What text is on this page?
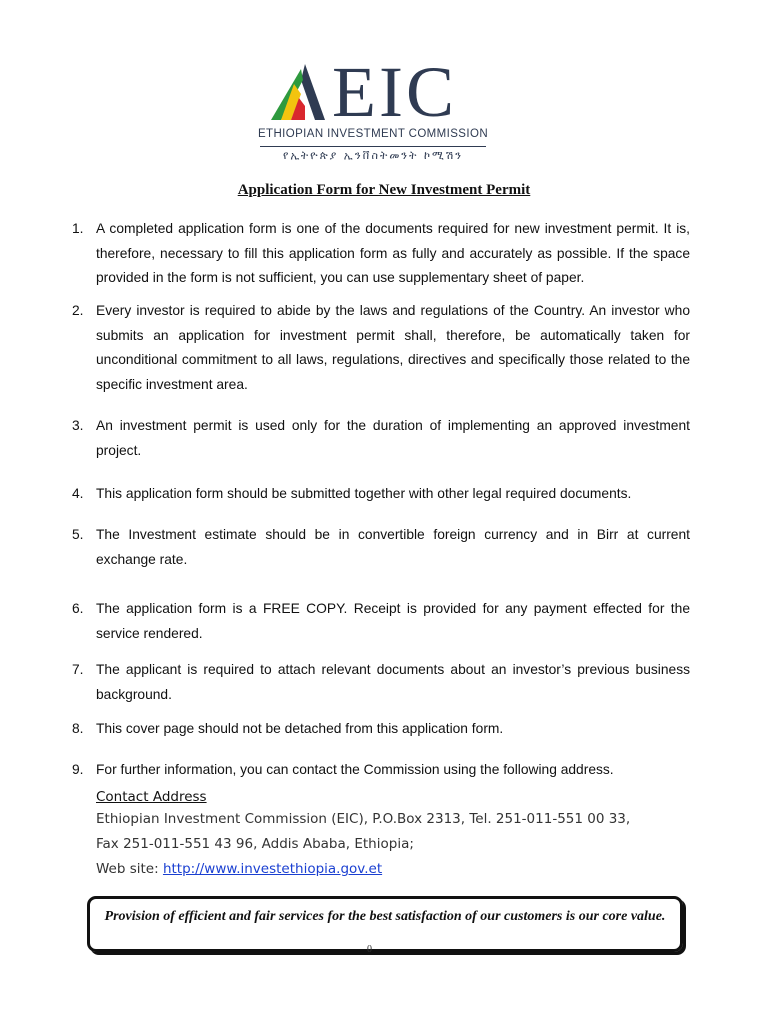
EIC
ETHIOPIAN INVESTMENT COMMISSION
የኢትዮጵያ ኢንቨስትመንት ኮሚሽን
Application Form for New Investment Permit
1. A completed application form is one of the documents required for new investment permit. It is, therefore, necessary to fill this application form as fully and accurately as possible. If the space provided in the form is not sufficient, you can use supplementary sheet of paper.
2. Every investor is required to abide by the laws and regulations of the Country. An investor who submits an application for investment permit shall, therefore, be automatically taken for unconditional commitment to all laws, regulations, directives and specifically those related to the specific investment area.
3. An investment permit is used only for the duration of implementing an approved investment project.
4. This application form should be submitted together with other legal required documents.
5. The Investment estimate should be in convertible foreign currency and in Birr at current exchange rate.
6. The application form is a FREE COPY. Receipt is provided for any payment effected for the service rendered.
7. The applicant is required to attach relevant documents about an investor’s previous business background.
8. This cover page should not be detached from this application form.
9. For further information, you can contact the Commission using the following address.
Contact Address
Ethiopian Investment Commission (EIC), P.O.Box 2313, Tel. 251-011-551 00 33,
Fax 251-011-551 43 96, Addis Ababa, Ethiopia;
Web site: http://www.investethiopia.gov.et

Provision of efficient and fair services for the best satisfaction of our customers is our core value.

0
